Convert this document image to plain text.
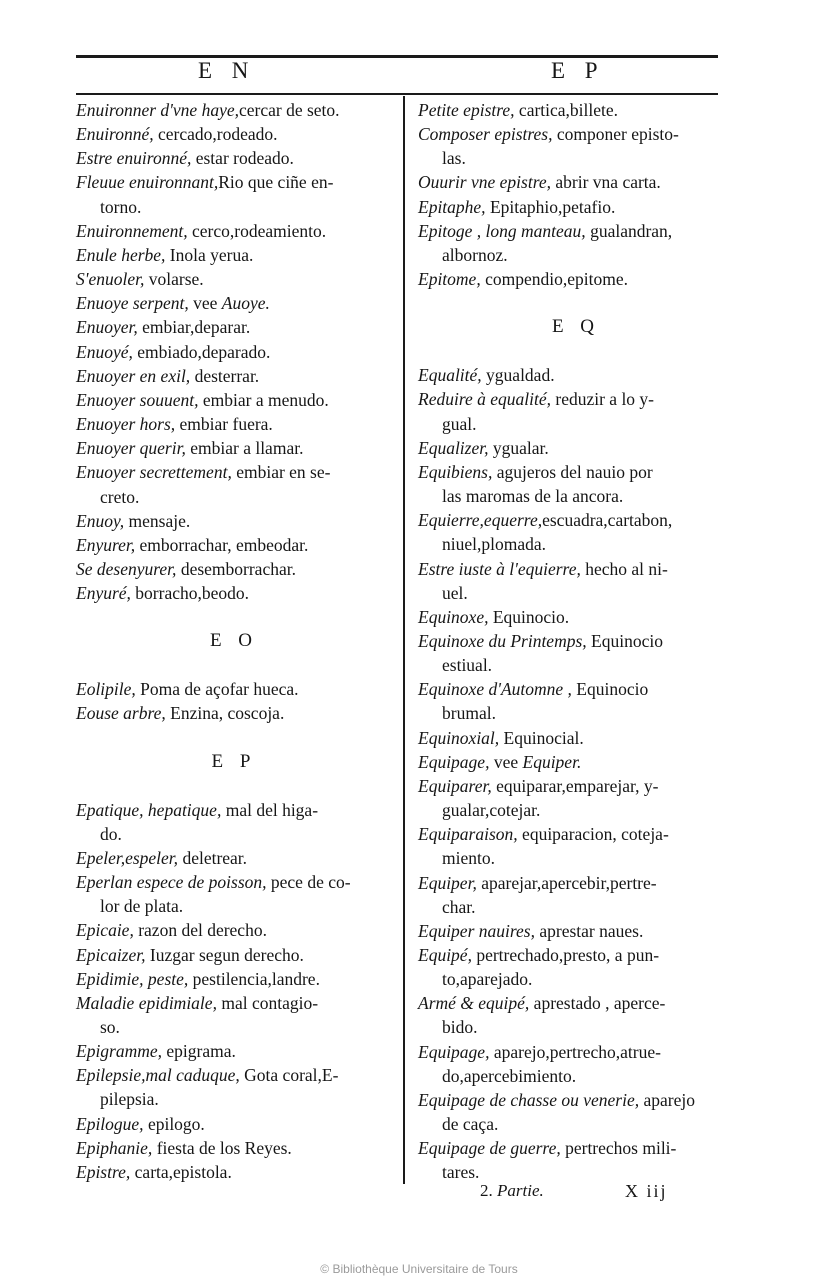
E N	E P
Enuironner d'vne haye,cercar de seto.
Enuironné, cercado,rodeado.
Estre enuironné, estar rodeado.
Fleuue enuironnant,Rio que ciñe en-
torno.
Enuironnement, cerco,rodeamiento.
Enule herbe, Inola yerua.
S'enuoler, volarse.
Enuoye serpent, vee Auoye.
Enuoyer, embiar,deparar.
Enuoyé, embiado,deparado.
Enuoyer en exil, desterrar.
Enuoyer souuent, embiar a menudo.
Enuoyer hors, embiar fuera.
Enuoyer querir, embiar a llamar.
Enuoyer secrettement, embiar en se-
creto.
Enuoy, mensaje.
Enyurer, emborrachar, embeodar.
Se desenyurer, desemborrachar.
Enyuré, borracho,beodo.
E O
Eolipile, Poma de açofar hueca.
Eouse arbre, Enzina, coscoja.
E P
Epatique, hepatique, mal del higa-
do.
Epeler,espeler, deletrear.
Eperlan espece de poisson, pece de co-
lor de plata.
Epicaie, razon del derecho.
Epicaizer, Iuzgar segun derecho.
Epidimie, peste, pestilencia,landre.
Maladie epidimiale, mal contagio-
so.
Epigramme, epigrama.
Epilepsie,mal caduque, Gota coral,E-
pilepsia.
Epilogue, epilogo.
Epiphanie, fiesta de los Reyes.
Epistre, carta,epistola.
Petite epistre, cartica,billete.
Composer epistres, componer episto-
las.
Ouurir vne epistre, abrir vna carta.
Epitaphe, Epitaphio,petafio.
Epitoge , long manteau, gualandran,
albornoz.
Epitome, compendio,epitome.
E Q
Equalité, ygualdad.
Reduire à equalité, reduzir a lo y-
gual.
Equalizer, ygualar.
Equibiens, agujeros del nauio por
las maromas de la ancora.
Equierre,equerre,escuadra,cartabon,
niuel,plomada.
Estre iuste à l'equierre, hecho al ni-
uel.
Equinoxe, Equinocio.
Equinoxe du Printemps, Equinocio
estiual.
Equinoxe d'Automne , Equinocio
brumal.
Equinoxial, Equinocial.
Equipage, vee Equiper.
Equiparer, equiparar,emparejar, y-
gualar,cotejar.
Equiparaison, equiparacion, coteja-
miento.
Equiper, aparejar,apercebir,pertre-
char.
Equiper nauires, aprestar naues.
Equipé, pertrechado,presto, a pun-
to,aparejado.
Armé & equipé, aprestado , aperce-
bido.
Equipage, aparejo,pertrecho,atrue-
do,apercebimiento.
Equipage de chasse ou venerie, aparejo
de caça.
Equipage de guerre, pertrechos mili-
tares.
2. Partie.	X iij
© Bibliothèque Universitaire de Tours
